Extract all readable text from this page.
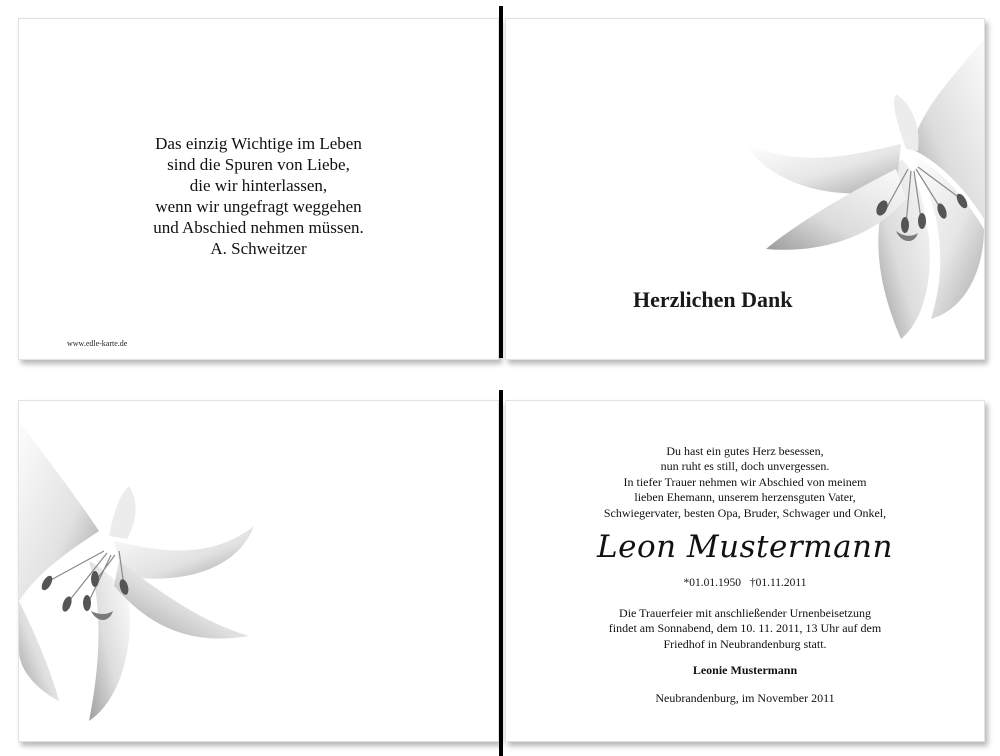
Das einzig Wichtige im Leben
sind die Spuren von Liebe,
die wir hinterlassen,
wenn wir ungefragt weggehen
und Abschied nehmen müssen.
A. Schweitzer
www.edle-karte.de
Herzlichen Dank
Du hast ein gutes Herz besessen,
nun ruht es still, doch unvergessen.
In tiefer Trauer nehmen wir Abschied von meinem
lieben Ehemann, unserem herzensguten Vater,
Schwiegervater, besten Opa, Bruder, Schwager und Onkel,
Leon Mustermann
*01.01.1950 †01.11.2011
Die Trauerfeier mit anschließender Urnenbeisetzung
findet am Sonnabend, dem 10. 11. 2011, 13 Uhr auf dem
Friedhof in Neubrandenburg statt.
Leonie Mustermann
Neubrandenburg, im November 2011
